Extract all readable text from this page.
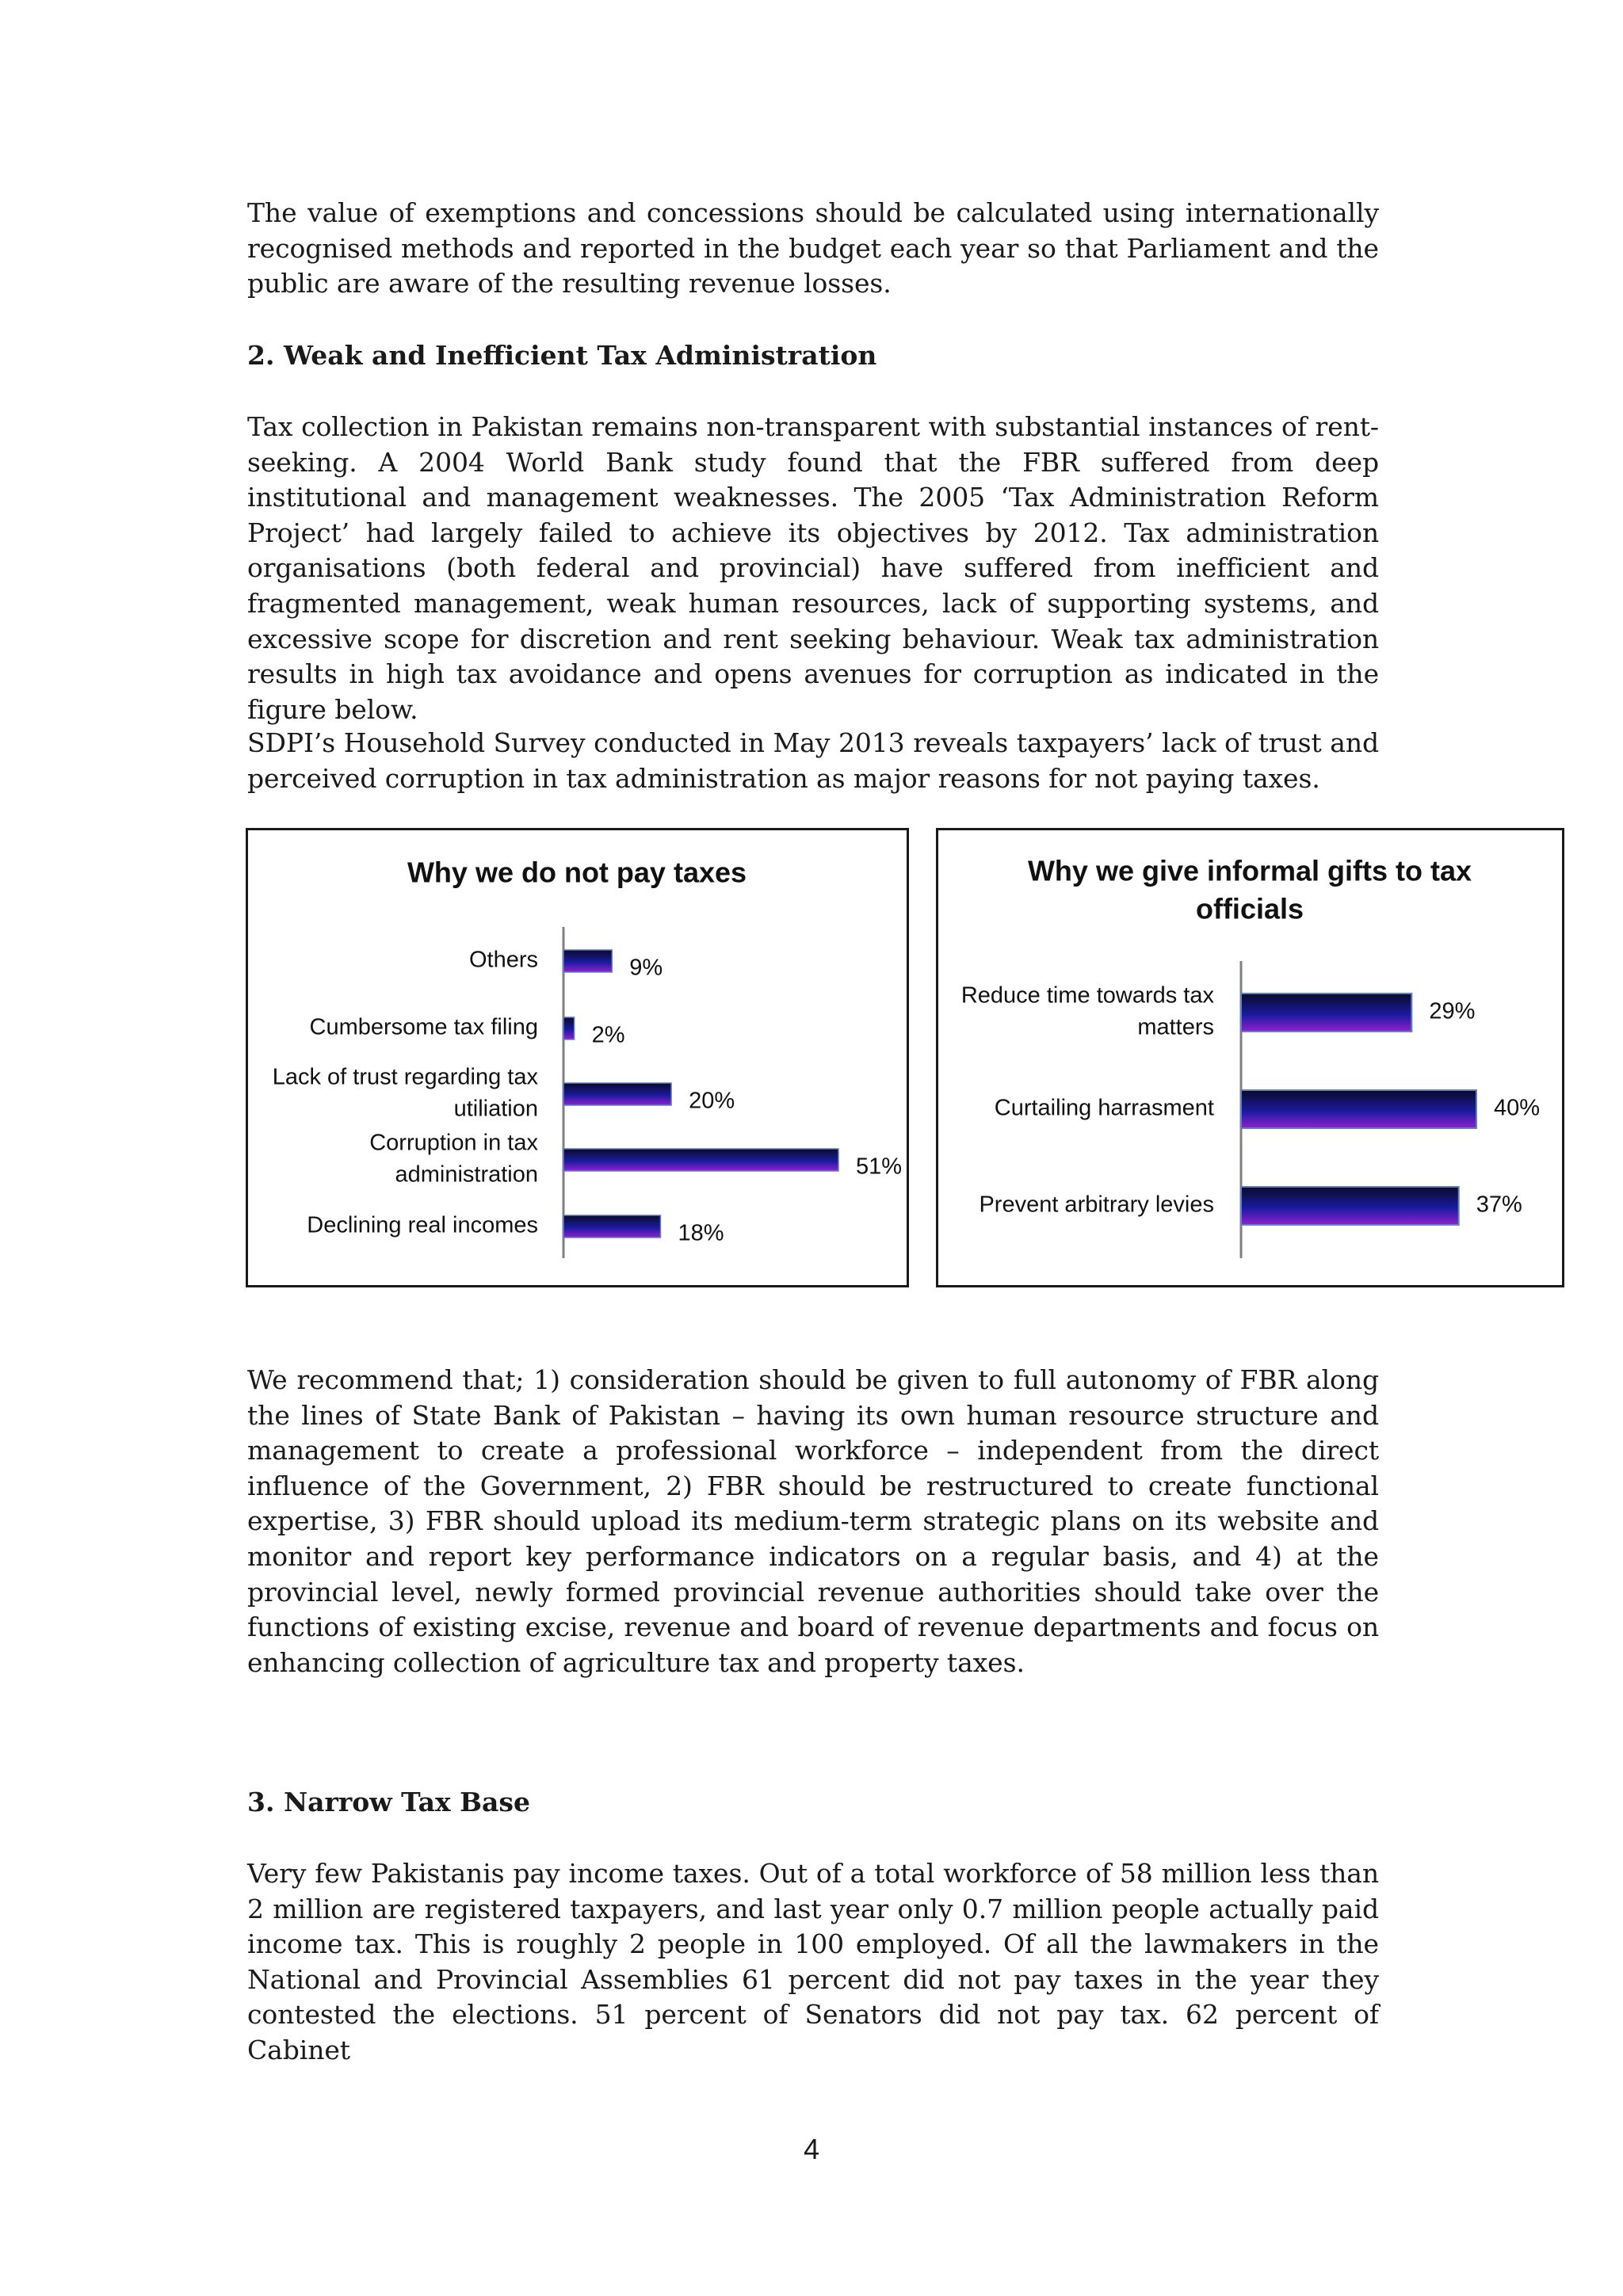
The value of exemptions and concessions should be calculated using internationally recognised methods and reported in the budget each year so that Parliament and the public are aware of the resulting revenue losses.
2. Weak and Inefficient Tax Administration
Tax collection in Pakistan remains non-transparent with substantial instances of rent-seeking. A 2004 World Bank study found that the FBR suffered from deep institutional and management weaknesses. The 2005 ‘Tax Administration Reform Project’ had largely failed to achieve its objectives by 2012. Tax administration organisations (both federal and provincial) have suffered from inefficient and fragmented management, weak human resources, lack of supporting systems, and excessive scope for discretion and rent seeking behaviour. Weak tax administration results in high tax avoidance and opens avenues for corruption as indicated in the figure below.
SDPI’s Household Survey conducted in May 2013 reveals taxpayers’ lack of trust and perceived corruption in tax administration as major reasons for not paying taxes.
Why we do not pay taxes
Others	9%
Cumbersome tax filing 2%
Lack of trust regarding tax
utiliation	20%
Corruption in tax
administration	51%
Declining real incomes	18%
Why we give informal gifts to tax
officials
Reduce time towards tax
matters
29%
Curtailing harrasment	40%
Prevent arbitrary levies	37%
We recommend that; 1) consideration should be given to full autonomy of FBR along the lines of State Bank of Pakistan – having its own human resource structure and management to create a professional workforce – independent from the direct influence of the Government, 2) FBR should be restructured to create functional expertise, 3) FBR should upload its medium-term strategic plans on its website and monitor and report key performance indicators on a regular basis, and 4) at the provincial level, newly formed provincial revenue authorities should take over the functions of existing excise, revenue and board of revenue departments and focus on enhancing collection of agriculture tax and property taxes.
3. Narrow Tax Base
Very few Pakistanis pay income taxes. Out of a total workforce of 58 million less than 2 million are registered taxpayers, and last year only 0.7 million people actually paid income tax. This is roughly 2 people in 100 employed. Of all the lawmakers in the National and Provincial Assemblies 61 percent did not pay taxes in the year they contested the elections. 51 percent of Senators did not pay tax. 62 percent of Cabinet
4
